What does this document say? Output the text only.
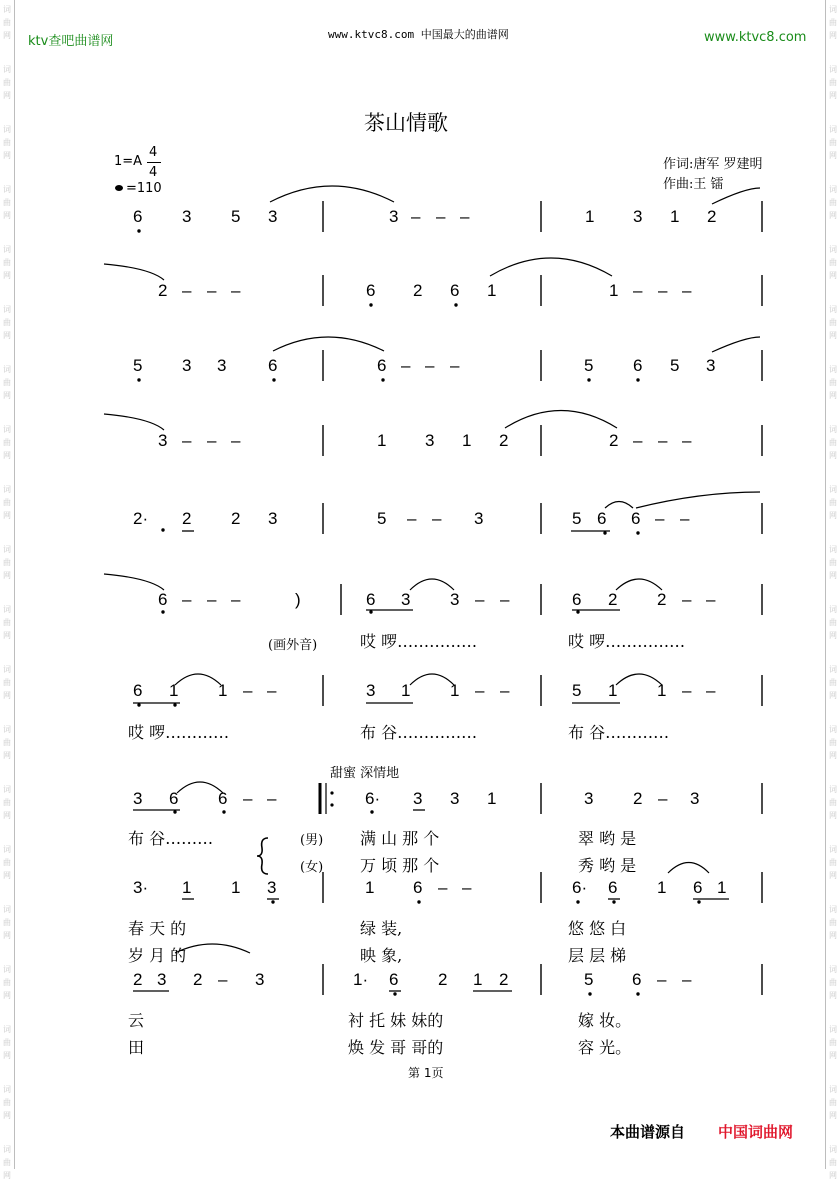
词
曲
网
词
曲
网
词
曲
网
词
曲
网
词
曲
网
词
曲
网
词
曲
网
词
曲
网
词
曲
网
词
曲
网
词
曲
网
词
曲
网
词
曲
网
词
曲
网
词
曲
网
词
曲
网
词
曲
网
词
曲
网
词
曲
网
词
曲
网
词
曲
网
词
曲
网
词
曲
网
词
曲
网
词
曲
网
词
曲
网
词
曲
网
词
曲
网
词
曲
网
词
曲
网
词
曲
网
词
曲
网
词
曲
网
词
曲
网
词
曲
网
词
曲
网
词
曲
网
词
曲
网
词
曲
网
词
曲
网
ktv查吧曲谱网	www.ktvc8.com 中国最大的曲谱网	www.ktvc8.com
茶山情歌
1=A
4
4
=110
作词:唐军 罗建明
作曲:王 镭
6 3 5 3	3 – – –	1 3 1 2
2 – – –	6 2 6 1	1 – – –
5 3 3 6	6 – – –	5 6 5 3
3 – – –	1 3 1 2	2 – – –
2· 2 2 3	5 – – 3	5 6 6 – –
6 – – –	)	6 3 3 – –	6 2 2 – –
6 1 1 – –	3 1 1 – –	5 1 1 – –
3 6 6 – –	6· 3 3 1	3 2 – 3
3· 1 1 3	1 6 – –	6· 6 1 6 1
2 3 2 – 3	1· 6 2 1 2	5 6 – –
(画外音)	哎 啰……………	哎 啰……………
哎 啰…………	布 谷……………	布 谷…………
甜蜜 深情地
布 谷………	(男)
(女)
满 山 那 个	翠 哟 是
万 顷 那 个	秀 哟 是
春 天 的	绿 装,	悠 悠 白
岁 月 的	映 象,	层 层 梯
云	衬 托 妹 妹的	嫁 妆。
田	焕 发 哥 哥的	容 光。
第 1页
本曲谱源自 中国词曲网
